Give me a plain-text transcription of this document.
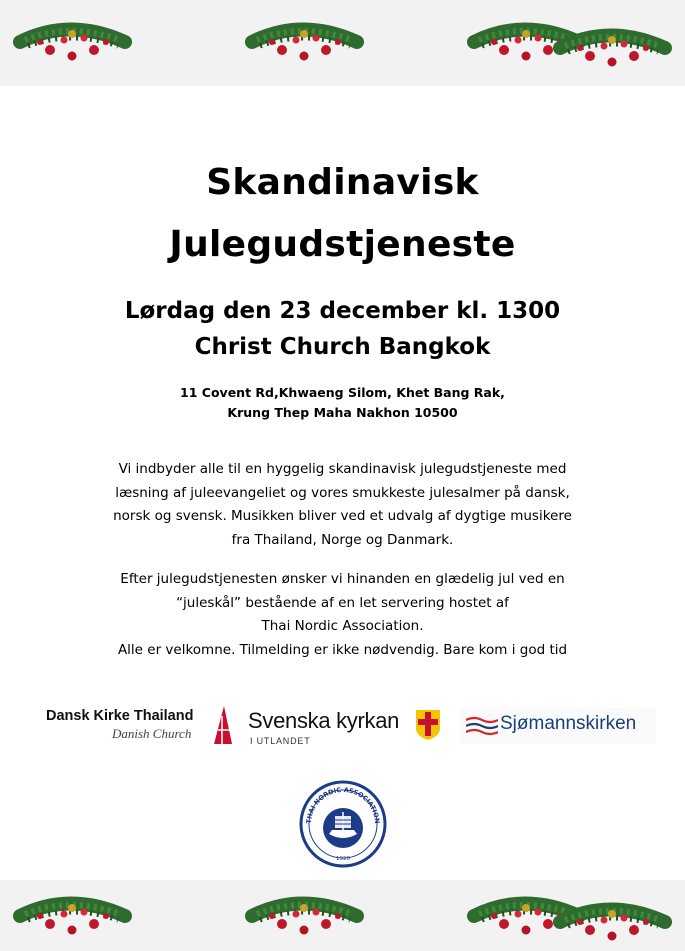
Skandinavisk
Julegudstjeneste
Lørdag den 23 december kl. 1300
Christ Church Bangkok
11 Covent Rd,Khwaeng Silom, Khet Bang Rak,
Krung Thep Maha Nakhon 10500
Vi indbyder alle til en hyggelig skandinavisk julegudstjeneste med
læsning af juleevangeliet og vores smukkeste julesalmer på dansk,
norsk og svensk. Musikken bliver ved et udvalg af dygtige musikere
fra Thailand, Norge og Danmark.
Efter julegudstjenesten ønsker vi hinanden en glædelig jul ved en
“juleskål” bestående af en let servering hostet af
Thai Nordic Association.
Alle er velkomne. Tilmelding er ikke nødvendig. Bare kom i god tid
Dansk Kirke Thailand
Danish Church
Svenska kyrkan
I UTLANDET
Sjømannskirken
THAI NORDIC ASSOCIATION
1920
